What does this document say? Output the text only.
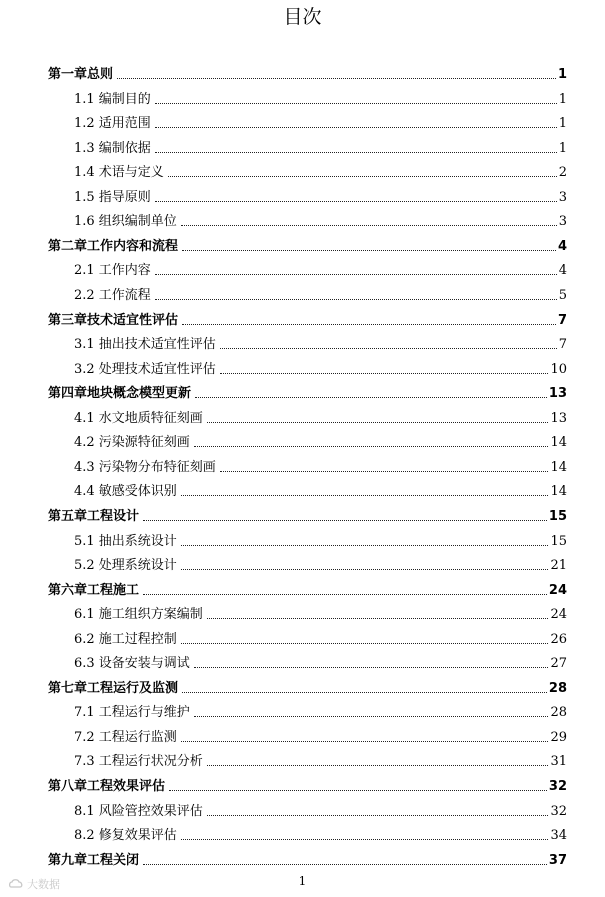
目次
第一章总则	1
1.1 编制目的	1
1.2 适用范围	1
1.3 编制依据	1
1.4 术语与定义	2
1.5 指导原则	3
1.6 组织编制单位	3
第二章工作内容和流程	4
2.1 工作内容	4
2.2 工作流程	5
第三章技术适宜性评估	7
3.1 抽出技术适宜性评估	7
3.2 处理技术适宜性评估	10
第四章地块概念模型更新	13
4.1 水文地质特征刻画	13
4.2 污染源特征刻画	14
4.3 污染物分布特征刻画	14
4.4 敏感受体识别	14
第五章工程设计	15
5.1 抽出系统设计	15
5.2 处理系统设计	21
第六章工程施工	24
6.1 施工组织方案编制	24
6.2 施工过程控制	26
6.3 设备安装与调试	27
第七章工程运行及监测	28
7.1 工程运行与维护	28
7.2 工程运行监测	29
7.3 工程运行状况分析	31
第八章工程效果评估	32
8.1 风险管控效果评估	32
8.2 修复效果评估	34
第九章工程关闭	37
1
大数据
